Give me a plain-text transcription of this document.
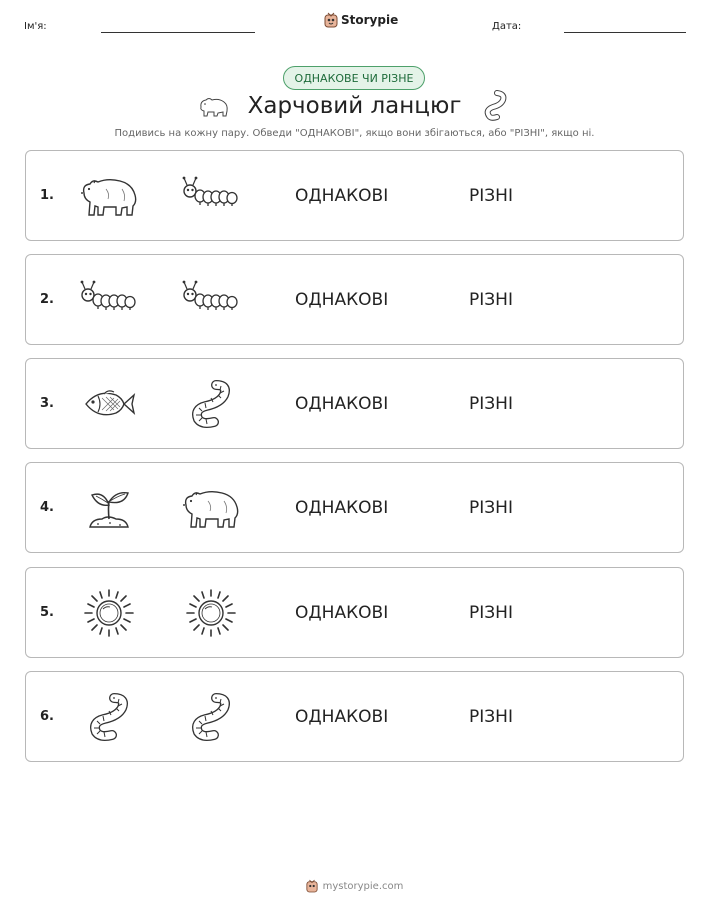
Ім'я:	Дата:
Storypie
ОДНАКОВЕ ЧИ РІЗНЕ
Харчовий ланцюг
Подивись на кожну пару. Обведи "ОДНАКОВІ", якщо вони збігаються, або "РІЗНІ", якщо ні.
1.	ОДНАКОВІ	РІЗНІ
2.	ОДНАКОВІ	РІЗНІ
3.	ОДНАКОВІ	РІЗНІ
4.	ОДНАКОВІ	РІЗНІ
5.	ОДНАКОВІ	РІЗНІ
6.	ОДНАКОВІ	РІЗНІ
mystorypie.com
